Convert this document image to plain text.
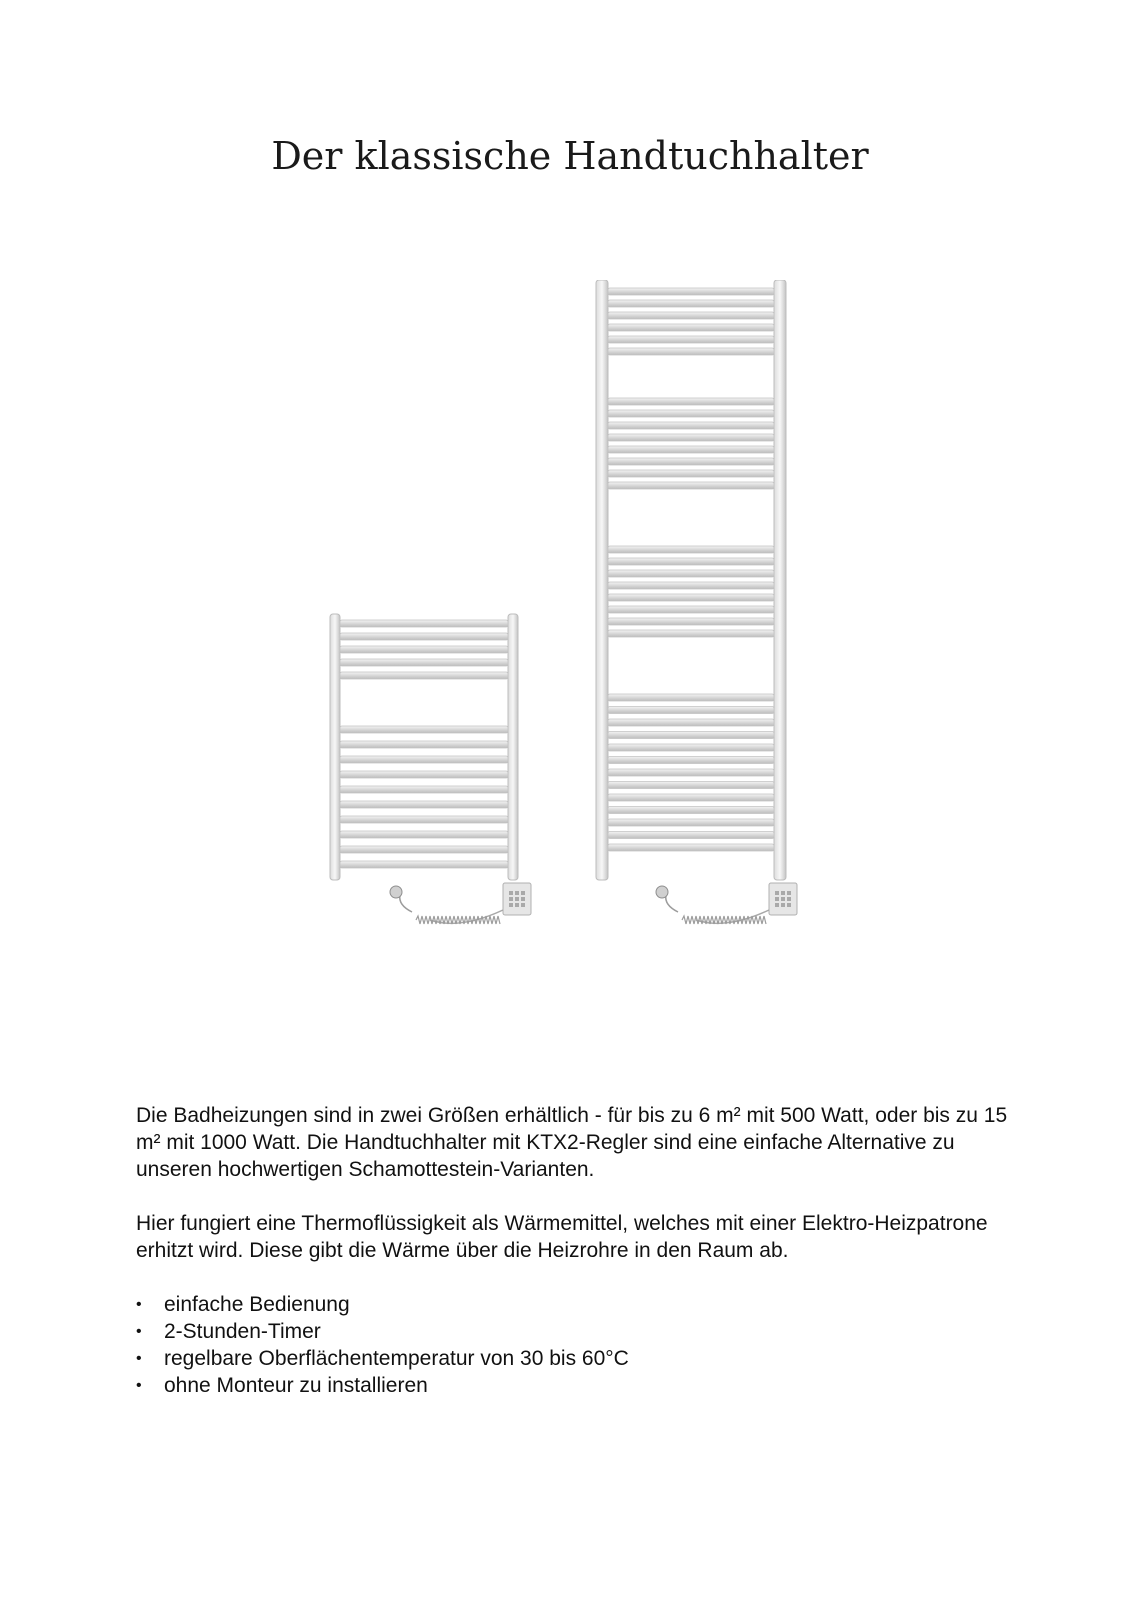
Der klassische Handtuchhalter

Die Badheizungen sind in zwei Größen erhältlich - für bis zu 6 m² mit 500 Watt, oder bis zu 15 m² mit 1000 Watt. Die Handtuchhalter mit KTX2-Regler sind eine einfache Alternative zu unseren hochwertigen Schamottestein-Varianten.

Hier fungiert eine Thermoflüssigkeit als Wärmemittel, welches mit einer Elektro-Heizpatrone erhitzt wird. Diese gibt die Wärme über die Heizrohre in den Raum ab.

•	einfache Bedienung
•	2-Stunden-Timer
•	regelbare Oberflächentemperatur von 30 bis 60°C
•	ohne Monteur zu installieren
